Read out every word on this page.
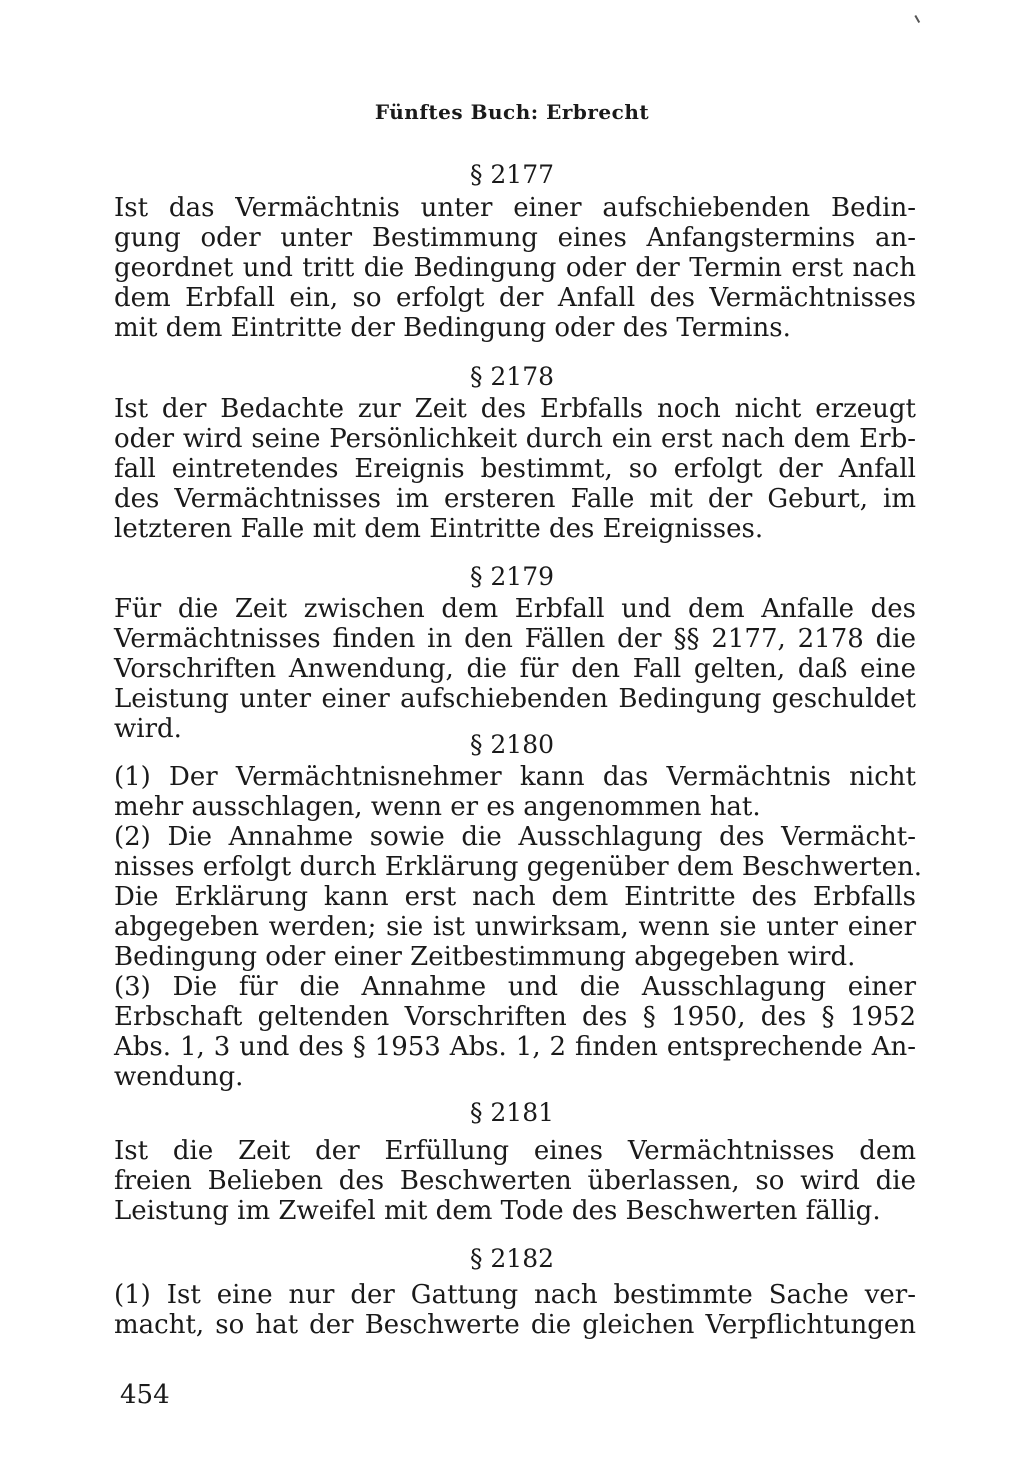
Fünftes Buch: Erbrecht
§ 2177
Ist das Vermächtnis unter einer aufschiebenden Bedin-
gung oder unter Bestimmung eines Anfangstermins an-
geordnet und tritt die Bedingung oder der Termin erst nach
dem Erbfall ein, so erfolgt der Anfall des Vermächtnisses
mit dem Eintritte der Bedingung oder des Termins.
§ 2178
Ist der Bedachte zur Zeit des Erbfalls noch nicht erzeugt
oder wird seine Persönlichkeit durch ein erst nach dem Erb-
fall eintretendes Ereignis bestimmt, so erfolgt der Anfall
des Vermächtnisses im ersteren Falle mit der Geburt, im
letzteren Falle mit dem Eintritte des Ereignisses.
§ 2179
Für die Zeit zwischen dem Erbfall und dem Anfalle des
Vermächtnisses finden in den Fällen der §§ 2177, 2178 die
Vorschriften Anwendung, die für den Fall gelten, daß eine
Leistung unter einer aufschiebenden Bedingung geschuldet
wird.
§ 2180
(1) Der Vermächtnisnehmer kann das Vermächtnis nicht
mehr ausschlagen, wenn er es angenommen hat.
(2) Die Annahme sowie die Ausschlagung des Vermächt-
nisses erfolgt durch Erklärung gegenüber dem Beschwerten.
Die Erklärung kann erst nach dem Eintritte des Erbfalls
abgegeben werden; sie ist unwirksam, wenn sie unter einer
Bedingung oder einer Zeitbestimmung abgegeben wird.
(3) Die für die Annahme und die Ausschlagung einer
Erbschaft geltenden Vorschriften des § 1950, des § 1952
Abs. 1, 3 und des § 1953 Abs. 1, 2 finden entsprechende An-
wendung.
§ 2181
Ist die Zeit der Erfüllung eines Vermächtnisses dem
freien Belieben des Beschwerten überlassen, so wird die
Leistung im Zweifel mit dem Tode des Beschwerten fällig.
§ 2182
(1) Ist eine nur der Gattung nach bestimmte Sache ver-
macht, so hat der Beschwerte die gleichen Verpflichtungen
454
